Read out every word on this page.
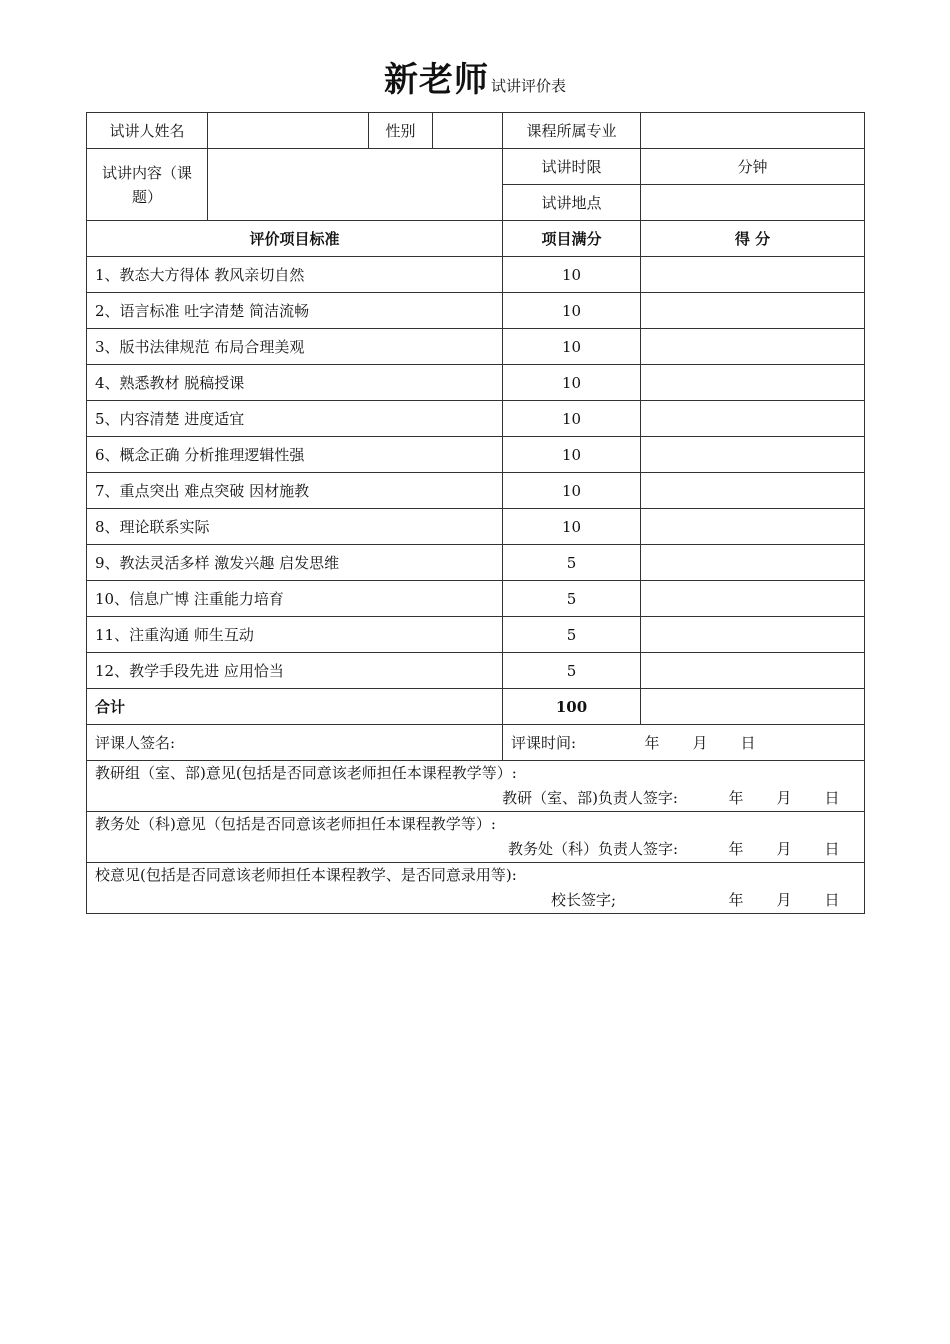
新老师 试讲评价表
试讲人姓名		性别		课程所属专业	
试讲内容（课题）				试讲时限	分钟
				试讲地点	
评价项目标准				项目满分	得 分
1、教态大方得体 教风亲切自然				10	
2、语言标准 吐字清楚 简洁流畅				10	
3、版书法律规范 布局合理美观				10	
4、熟悉教材 脱稿授课				10	
5、内容清楚 进度适宜				10	
6、概念正确 分析推理逻辑性强				10	
7、重点突出 难点突破 因材施教				10	
8、理论联系实际				10	
9、教法灵活多样 激发兴趣 启发思维				5	
10、信息广博 注重能力培育				5	
11、注重沟通 师生互动				5	
12、教学手段先进 应用恰当				5	
合计				100	
评课人签名:				评课时间: 年 月 日	

教研组（室、部)意见(包括是否同意该老师担任本课程教学等）:
教研（室、部)负责人签字: 年 月 日					

教务处（科)意见（包括是否同意该老师担任本课程教学等）:
教务处（科）负责人签字: 年 月 日					

校意见(包括是否同意该老师担任本课程教学、是否同意录用等):
校长签字; 年 月 日					
